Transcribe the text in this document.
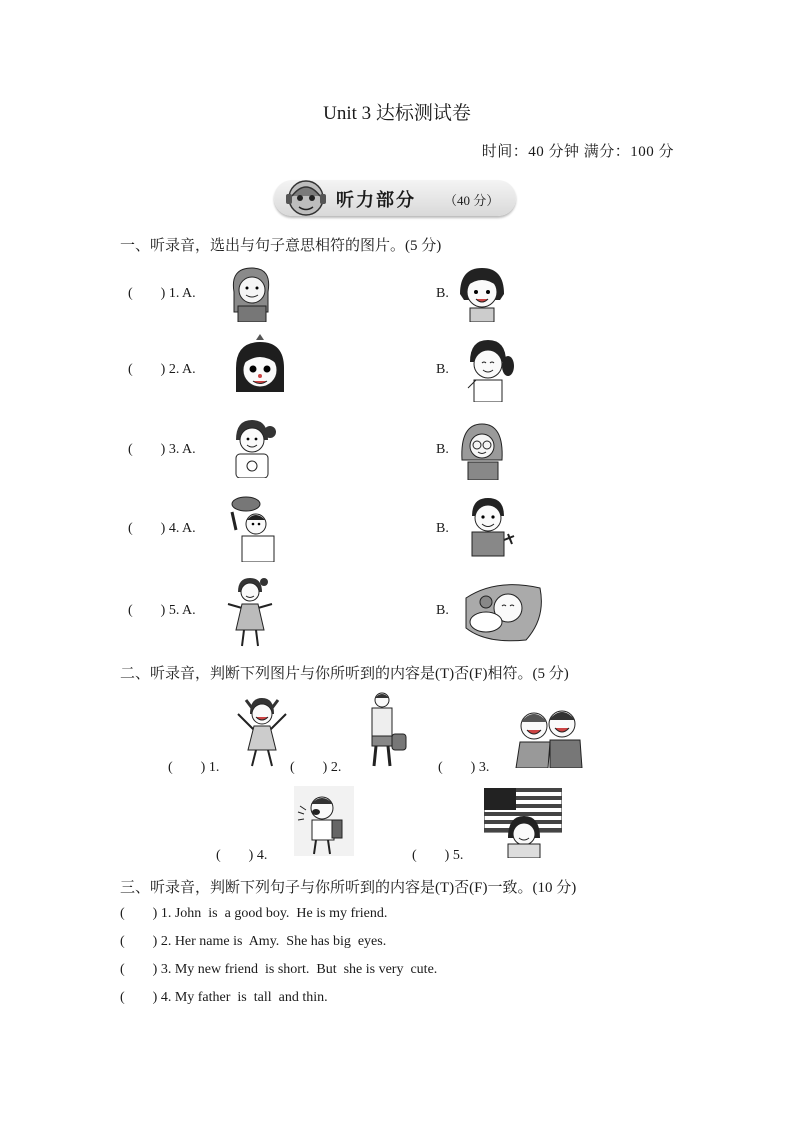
Unit 3 达标测试卷
时间：40 分钟 满分：100 分
听力部分 （40 分）
一、听录音，选出与句子意思相符的图片。(5 分)
(        ) 1. A.	B.
(        ) 2. A.	B.
(        ) 3. A.	B.
(        ) 4. A.	B.
(        ) 5. A.	B.
二、听录音，判断下列图片与你所听到的内容是(T)否(F)相符。(5 分)
(        ) 1.	(        ) 2.	(        ) 3.
(        ) 4.	(        ) 5.
三、听录音，判断下列句子与你所听到的内容是(T)否(F)一致。(10 分)
(        ) 1. John  is  a good boy.  He is my friend.
(        ) 2. Her name is  Amy.  She has big  eyes.
(        ) 3. My new friend  is short.  But  she is very  cute.
(        ) 4. My father  is  tall  and thin.
